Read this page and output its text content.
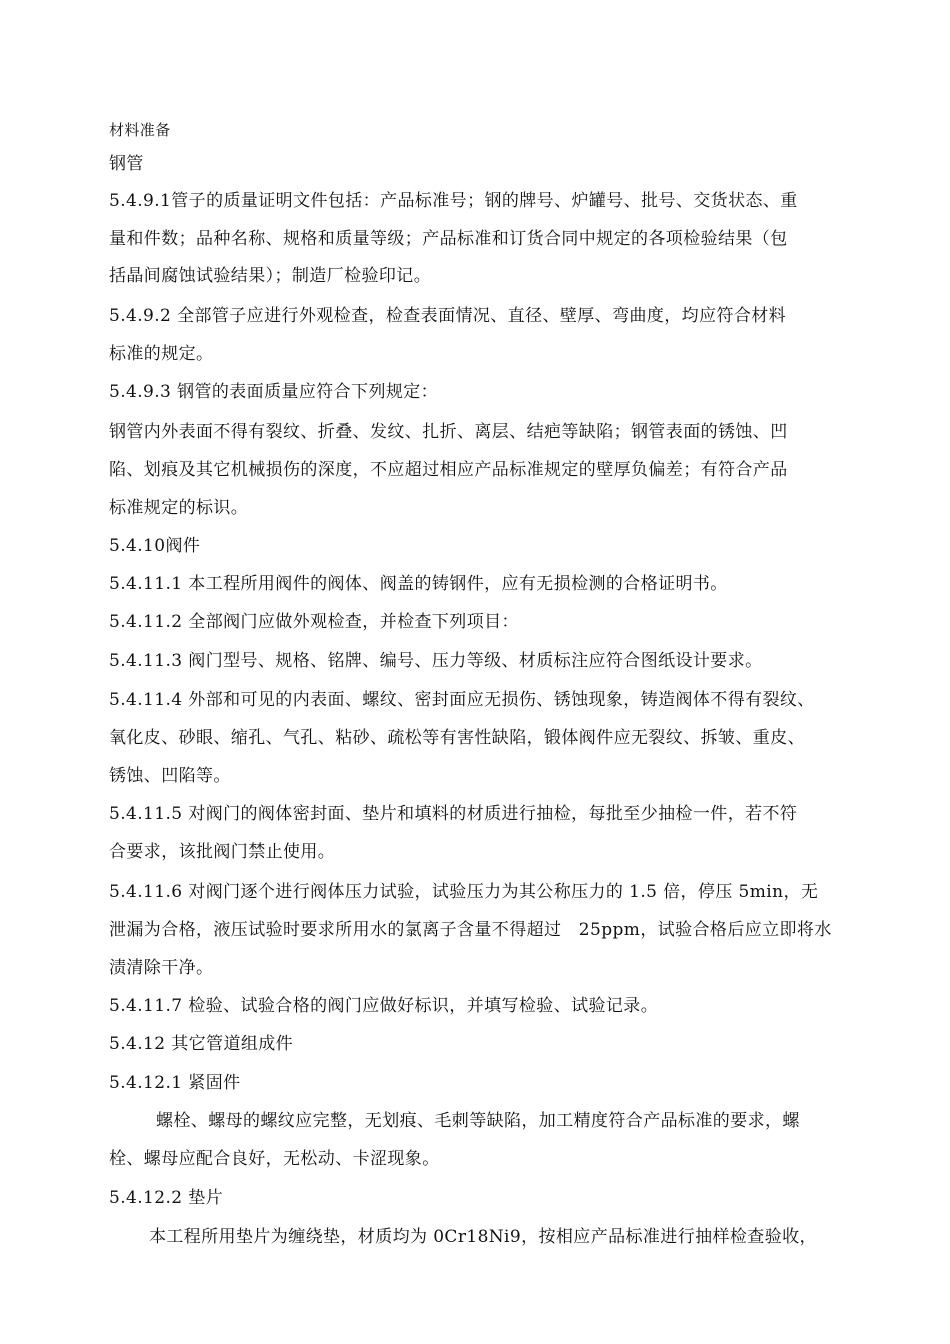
材料准备
钢管
5.4.9.1管子的质量证明文件包括：产品标准号；钢的牌号、炉罐号、批号、交货状态、重
量和件数；品种名称、规格和质量等级；产品标准和订货合同中规定的各项检验结果（包
括晶间腐蚀试验结果）；制造厂检验印记。
5.4.9.2 全部管子应进行外观检查，检查表面情况、直径、壁厚、弯曲度，均应符合材料
标准的规定。
5.4.9.3 钢管的表面质量应符合下列规定：
钢管内外表面不得有裂纹、折叠、发纹、扎折、离层、结疤等缺陷；钢管表面的锈蚀、凹
陷、划痕及其它机械损伤的深度，不应超过相应产品标准规定的壁厚负偏差；有符合产品
标准规定的标识。
5.4.10阀件
5.4.11.1 本工程所用阀件的阀体、阀盖的铸钢件，应有无损检测的合格证明书。
5.4.11.2 全部阀门应做外观检查，并检查下列项目：
5.4.11.3 阀门型号、规格、铭牌、编号、压力等级、材质标注应符合图纸设计要求。
5.4.11.4 外部和可见的内表面、螺纹、密封面应无损伤、锈蚀现象，铸造阀体不得有裂纹、
氧化皮、砂眼、缩孔、气孔、粘砂、疏松等有害性缺陷，锻体阀件应无裂纹、拆皱、重皮、
锈蚀、凹陷等。
5.4.11.5 对阀门的阀体密封面、垫片和填料的材质进行抽检，每批至少抽检一件，若不符
合要求，该批阀门禁止使用。
5.4.11.6 对阀门逐个进行阀体压力试验，试验压力为其公称压力的 1.5 倍，停压 5min，无
泄漏为合格，液压试验时要求所用水的氯离子含量不得超过　25ppm，试验合格后应立即将水
渍清除干净。
5.4.11.7 检验、试验合格的阀门应做好标识，并填写检验、试验记录。
5.4.12 其它管道组成件
5.4.12.1 紧固件
螺栓、螺母的螺纹应完整，无划痕、毛刺等缺陷，加工精度符合产品标准的要求，螺
栓、螺母应配合良好，无松动、卡涩现象。
5.4.12.2 垫片
本工程所用垫片为缠绕垫，材质均为 0Cr18Ni9，按相应产品标准进行抽样检查验收，
